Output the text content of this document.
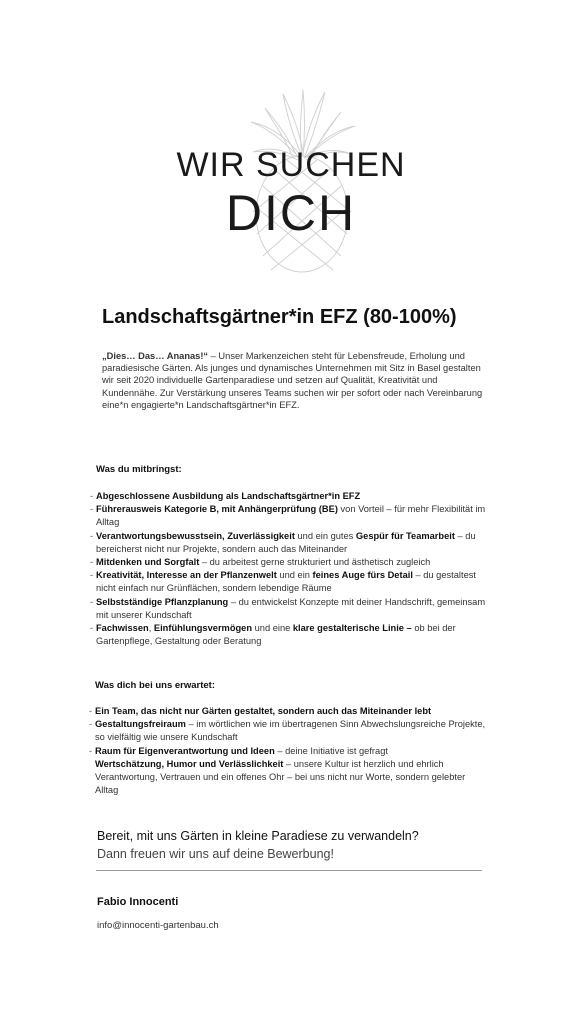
WIR SUCHEN
DICH
Landschaftsgärtner*in EFZ (80-100%)

„Dies… Das… Ananas!“ – Unser Markenzeichen steht für Lebensfreude, Erholung und paradiesische Gärten. Als junges und dynamisches Unternehmen mit Sitz in Basel gestalten wir seit 2020 individuelle Gartenparadiese und setzen auf Qualität, Kreativität und Kundennähe. Zur Verstärkung unseres Teams suchen wir per sofort oder nach Vereinbarung eine*n engagierte*n Landschaftsgärtner*in EFZ.

Was du mitbringst:
- Abgeschlossene Ausbildung als Landschaftsgärtner*in EFZ
- Führerausweis Kategorie B, mit Anhängerprüfung (BE) von Vorteil – für mehr Flexibilität im Alltag
- Verantwortungsbewusstsein, Zuverlässigkeit und ein gutes Gespür für Teamarbeit – du bereicherst nicht nur Projekte, sondern auch das Miteinander
- Mitdenken und Sorgfalt – du arbeitest gerne strukturiert und ästhetisch zugleich
- Kreativität, Interesse an der Pflanzenwelt und ein feines Auge fürs Detail – du gestaltest nicht einfach nur Grünflächen, sondern lebendige Räume
- Selbstständige Pflanzplanung – du entwickelst Konzepte mit deiner Handschrift, gemeinsam mit unserer Kundschaft
- Fachwissen, Einfühlungsvermögen und eine klare gestalterische Linie – ob bei der Gartenpflege, Gestaltung oder Beratung
Was dich bei uns erwartet:
- Ein Team, das nicht nur Gärten gestaltet, sondern auch das Miteinander lebt
- Gestaltungsfreiraum – im wörtlichen wie im übertragenen Sinn Abwechslungsreiche Projekte, so vielfältig wie unsere Kundschaft
- Raum für Eigenverantwortung und Ideen – deine Initiative ist gefragt
Wertschätzung, Humor und Verlässlichkeit – unsere Kultur ist herzlich und ehrlich Verantwortung, Vertrauen und ein offenes Ohr – bei uns nicht nur Worte, sondern gelebter Alltag

Bereit, mit uns Gärten in kleine Paradiese zu verwandeln?

Dann freuen wir uns auf deine Bewerbung!

Fabio Innocenti

info@innocenti-gartenbau.ch
